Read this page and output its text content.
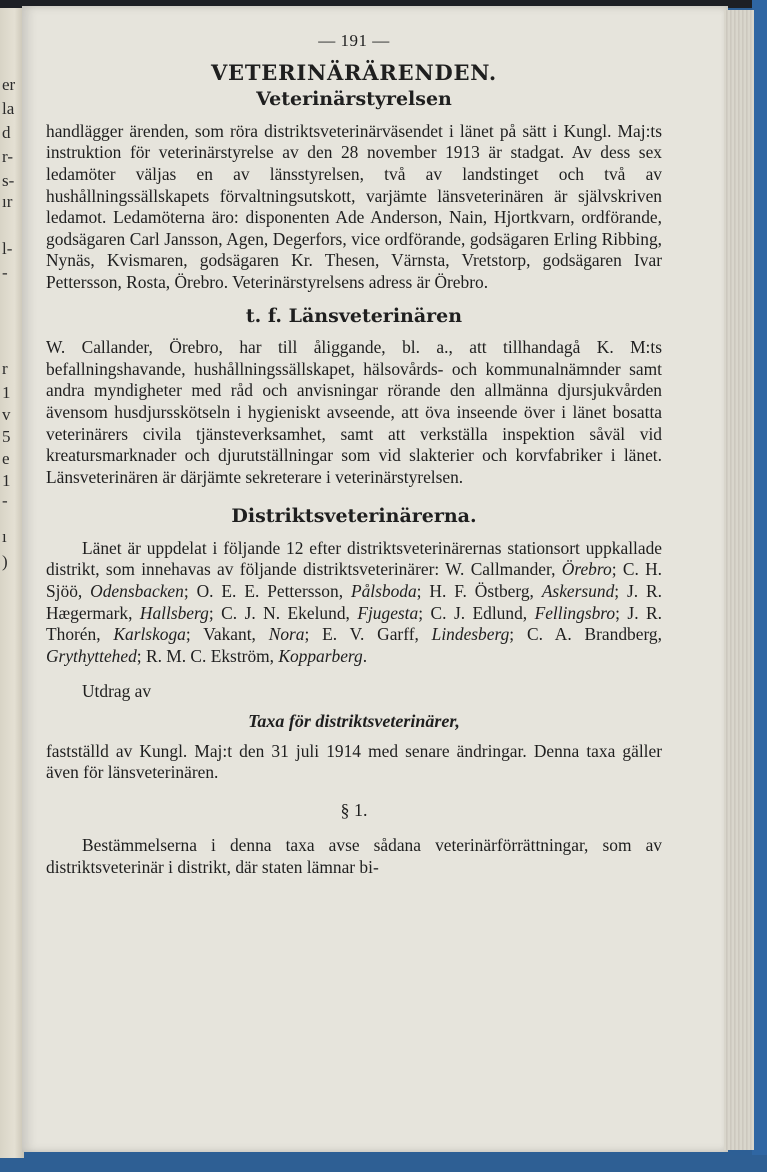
er
la
d
r-
s-
ır
l-
-
r
1
v
5
e
1
-
ı
)
— 191 —
VETERINÄRÄRENDEN.
Veterinärstyrelsen

handlägger ärenden, som röra distriktsveterinärväsendet i länet på sätt i Kungl. Maj:ts instruktion för veterinärstyrelse av den 28 november 1913 är stadgat. Av dess sex ledamöter väljas en av länsstyrelsen, två av landstinget och två av hushållningssällskapets förvaltningsutskott, varjämte länsveterinären är självskriven ledamot. Ledamöterna äro: disponenten Ade Anderson, Nain, Hjortkvarn, ordförande, godsägaren Carl Jansson, Agen, Degerfors, vice ordförande, godsägaren Erling Ribbing, Nynäs, Kvismaren, godsägaren Kr. Thesen, Värnsta, Vretstorp, godsägaren Ivar Pettersson, Rosta, Örebro. Veterinärstyrelsens adress är Örebro.

t. f. Länsveterinären

W. Callander, Örebro, har till åliggande, bl. a., att tillhandagå K. M:ts befallningshavande, hushållningssällskapet, hälsovårds- och kommunalnämnder samt andra myndigheter med råd och anvisningar rörande den allmänna djursjukvården ävensom husdjursskötseln i hygieniskt avseende, att öva inseende över i länet bosatta veterinärers civila tjänsteverksamhet, samt att verkställa inspektion såväl vid kreatursmarknader och djurutställningar som vid slakterier och korvfabriker i länet. Länsveterinären är därjämte sekreterare i veterinärstyrelsen.

Distriktsveterinärerna.

Länet är uppdelat i följande 12 efter distriktsveterinärernas stationsort uppkallade distrikt, som innehavas av följande distriktsveterinärer: W. Callmander, Örebro; C. H. Sjöö, Odensbacken; O. E. E. Pettersson, Pålsboda; H. F. Östberg, Askersund; J. R. Hægermark, Hallsberg; C. J. N. Ekelund, Fjugesta; C. J. Edlund, Fellingsbro; J. R. Thorén, Karlskoga; Vakant, Nora; E. V. Garff, Lindesberg; C. A. Brandberg, Grythyttehed; R. M. C. Ekström, Kopparberg.

Utdrag av

Taxa för distriktsveterinärer,

fastställd av Kungl. Maj:t den 31 juli 1914 med senare ändringar. Denna taxa gäller även för länsveterinären.

§ 1.

Bestämmelserna i denna taxa avse sådana veterinärförrättningar, som av distriktsveterinär i distrikt, där staten lämnar bi-
